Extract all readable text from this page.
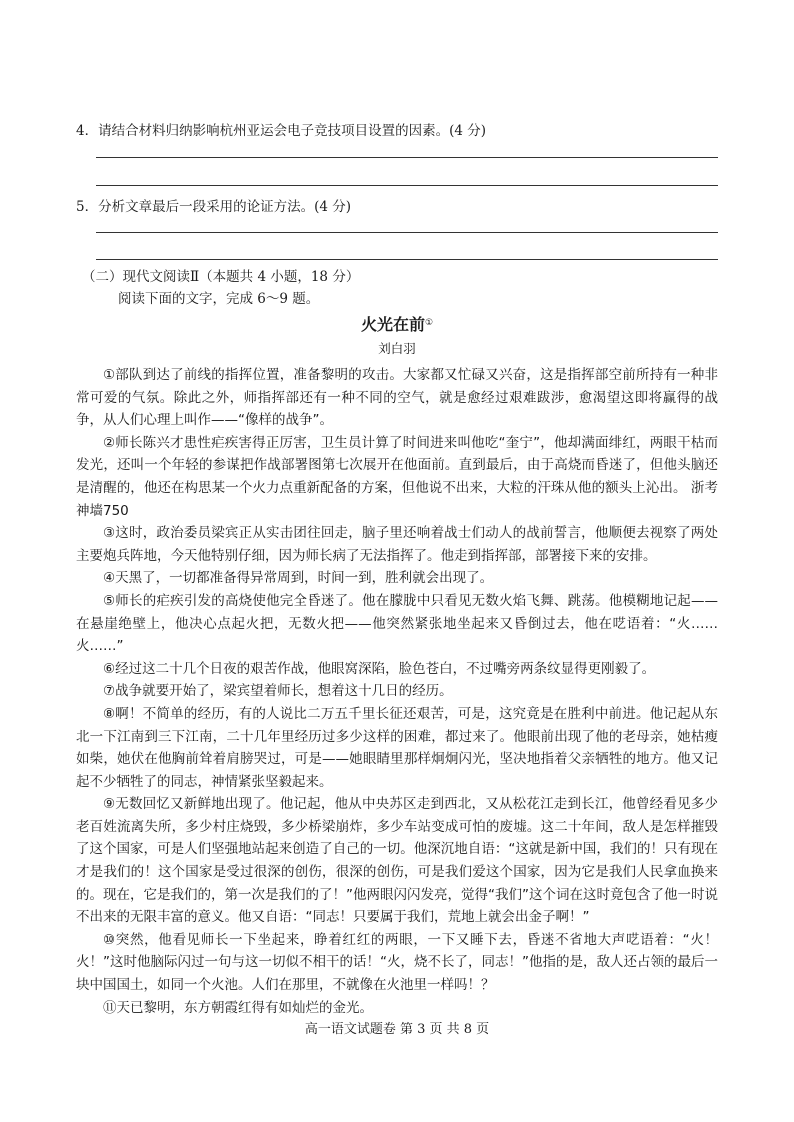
4．请结合材料归纳影响杭州亚运会电子竞技项目设置的因素。(4 分)
5．分析文章最后一段采用的论证方法。(4 分)
（二）现代文阅读Ⅱ（本题共 4 小题，18 分）
阅读下面的文字，完成 6～9 题。
火光在前①
刘白羽

①部队到达了前线的指挥位置，准备黎明的攻击。大家都又忙碌又兴奋，这是指挥部空前所持有一种非常可爱的气氛。除此之外，师指挥部还有一种不同的空气，就是愈经过艰难跋涉，愈渴望这即将赢得的战争，从人们心理上叫作——“像样的战争”。

②师长陈兴才患性疟疾害得正厉害，卫生员计算了时间进来叫他吃“奎宁”，他却满面绯红，两眼干枯而发光，还叫一个年轻的参谋把作战部署图第七次展开在他面前。直到最后，由于高烧而昏迷了，但他头脑还是清醒的，他还在构思某一个火力点重新配备的方案，但他说不出来，大粒的汗珠从他的额头上沁出。 浙考神墙750

③这时，政治委员梁宾正从实击团往回走，脑子里还响着战士们动人的战前誓言，他顺便去视察了两处主要炮兵阵地，今天他特别仔细，因为师长病了无法指挥了。他走到指挥部，部署接下来的安排。

④天黑了，一切都准备得异常周到，时间一到，胜利就会出现了。

⑤师长的疟疾引发的高烧使他完全昏迷了。他在朦胧中只看见无数火焰飞舞、跳荡。他模糊地记起——在悬崖绝壁上，他决心点起火把，无数火把——他突然紧张地坐起来又昏倒过去，他在呓语着：“火……火……”

⑥经过这二十几个日夜的艰苦作战，他眼窝深陷，脸色苍白，不过嘴旁两条纹显得更刚毅了。

⑦战争就要开始了，梁宾望着师长，想着这十几日的经历。

⑧啊！不简单的经历，有的人说比二万五千里长征还艰苦，可是，这究竟是在胜利中前进。他记起从东北一下江南到三下江南，二十几年里经历过多少这样的困难，都过来了。他眼前出现了他的老母亲，她枯瘦如柴，她伏在他胸前耸着肩膀哭过，可是——她眼睛里那样炯炯闪光，坚决地指着父亲牺牲的地方。他又记起不少牺牲了的同志，神情紧张坚毅起来。

⑨无数回忆又新鲜地出现了。他记起，他从中央苏区走到西北，又从松花江走到长江，他曾经看见多少老百姓流离失所，多少村庄烧毁，多少桥梁崩炸，多少车站变成可怕的废墟。这二十年间，敌人是怎样摧毁了这个国家，可是人们坚强地站起来创造了自己的一切。他深沉地自语：“这就是新中国，我们的！只有现在才是我们的！这个国家是受过很深的创伤，很深的创伤，可是我们爱这个国家，因为它是我们人民拿血换来的。现在，它是我们的，第一次是我们的了！”他两眼闪闪发亮，觉得“我们”这个词在这时竟包含了他一时说不出来的无限丰富的意义。他又自语：“同志！只要属于我们，荒地上就会出金子啊！”

⑩突然，他看见师长一下坐起来，睁着红红的两眼，一下又睡下去，昏迷不省地大声呓语着：“火！火！”这时他脑际闪过一句与这一切似不相干的话！“火，烧不长了，同志！”他指的是，敌人还占领的最后一块中国国土，如同一个火池。人们在那里，不就像在火池里一样吗！？

⑪天已黎明，东方朝霞红得有如灿烂的金光。

高一语文试题卷 第 3 页 共 8 页
